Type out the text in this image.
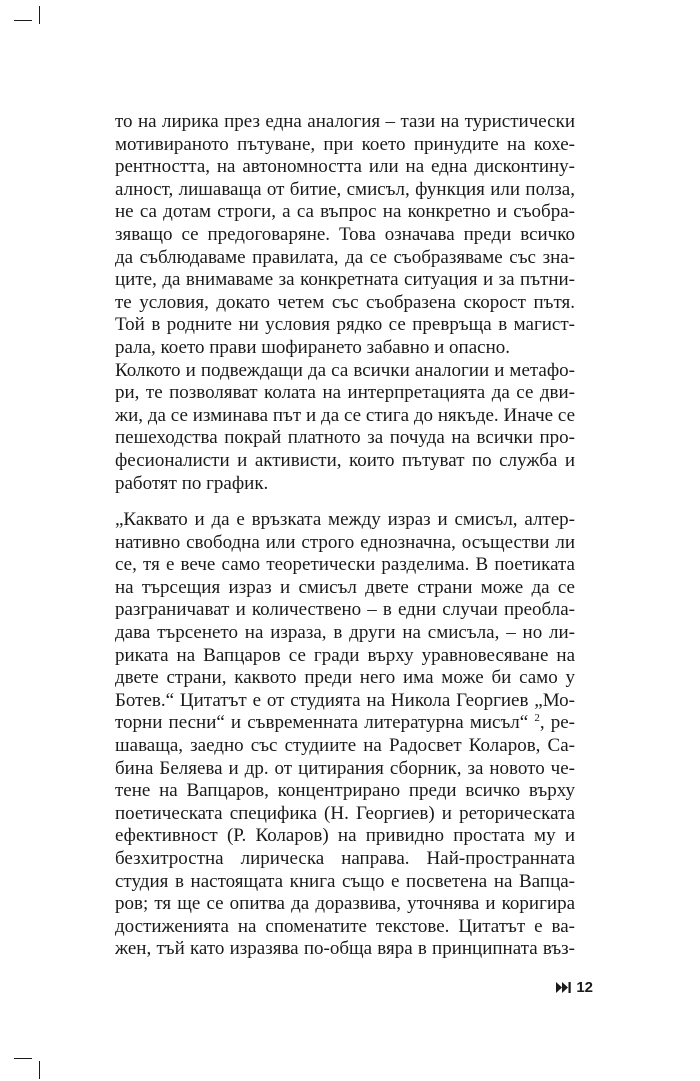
то на лирика през една аналогия – тази на туристически
мотивираното пътуване, при което принудите на кохе-
рентността, на автономността или на една дисконтину-
алност, лишаваща от битие, смисъл, функция или полза,
не са дотам строги, а са въпрос на конкретно и съобра-
зяващо се предоговаряне. Това означава преди всичко
да съблюдаваме правилата, да се съобразяваме със зна-
ците, да внимаваме за конкретната ситуация и за пътни-
те условия, докато четем със съобразена скорост пътя.
Той в родните ни условия рядко се превръща в магист-
рала, което прави шофирането забавно и опасно.
Колкото и подвеждащи да са всички аналогии и метафо-
ри, те позволяват колата на интерпретацията да се дви-
жи, да се изминава път и да се стига до някъде. Иначе се
пешеходства покрай платното за почуда на всички про-
фесионалисти и активисти, които пътуват по служба и
работят по график.
„Каквато и да е връзката между израз и смисъл, алтер-
нативно свободна или строго еднозначна, осъществи ли
се, тя е вече само теоретически разделима. В поетиката
на търсещия израз и смисъл двете страни може да се
разграничават и количествено – в едни случаи преобла-
дава търсенето на израза, в други на смисъла, – но ли-
риката на Вапцаров се гради върху уравновесяване на
двете страни, каквото преди него има може би само у
Ботев.“ Цитатът е от студията на Никола Георгиев „Мо-
торни песни“ и съвременната литературна мисъл“ $^2$, ре-
шаваща, заедно със студиите на Радосвет Коларов, Са-
бина Беляева и др. от цитирания сборник, за новото че-
тене на Вапцаров, концентрирано преди всичко върху
поетическата специфика (Н. Георгиев) и реторическата
ефективност (Р. Коларов) на привидно простата му и
безхитростна лирическа направа. Най-пространната
студия в настоящата книга също е посветена на Вапца-
ров; тя ще се опитва да доразвива, уточнява и коригира
достиженията на споменатите текстове. Цитатът е ва-
жен, тъй като изразява по-обща вяра в принципната въз-
12
